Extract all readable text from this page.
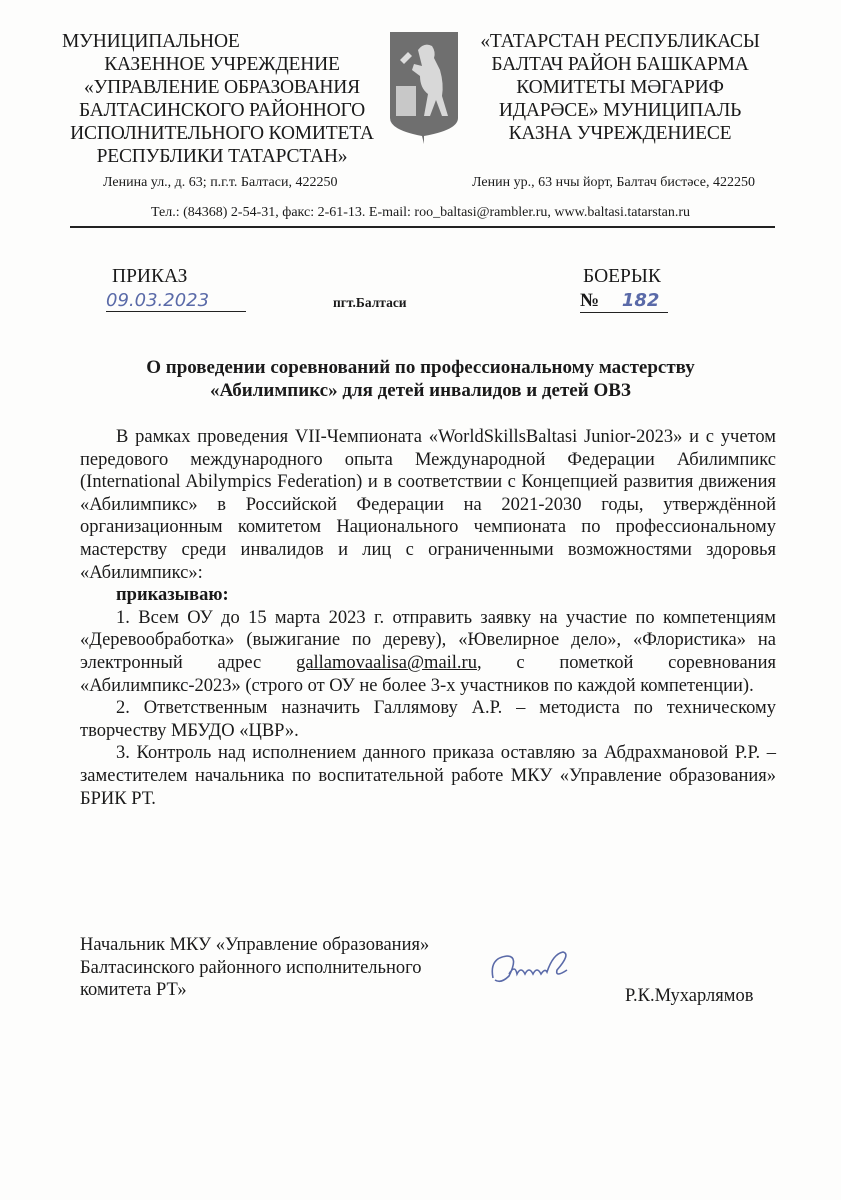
МУНИЦИПАЛЬНОЕ
КАЗЕННОЕ УЧРЕЖДЕНИЕ
«УПРАВЛЕНИЕ ОБРАЗОВАНИЯ
БАЛТАСИНСКОГО РАЙОННОГО
ИСПОЛНИТЕЛЬНОГО КОМИТЕТА
РЕСПУБЛИКИ ТАТАРСТАН»
«ТАТАРСТАН РЕСПУБЛИКАСЫ
БАЛТАЧ РАЙОН БАШКАРМА
КОМИТЕТЫ МӘГАРИФ
ИДАРӘСЕ» МУНИЦИПАЛЬ
КАЗНА УЧРЕЖДЕНИЕСЕ
Ленина ул., д. 63; п.г.т. Балтаси, 422250	Ленин ур., 63 нчы йорт, Балтач бистәсе, 422250
Тел.: (84368) 2-54-31, факс: 2-61-13. E-mail: roo_baltasi@rambler.ru, www.baltasi.tatarstan.ru
ПРИКАЗ
09.03.2023	пгт.Балтаси
БОЕРЫК
№ 182
О проведении соревнований по профессиональному мастерству
«Абилимпикс» для детей инвалидов и детей ОВЗ

В рамках проведения VII-Чемпионата «WorldSkillsBaltasi Junior-2023» и с учетом передового международного опыта Международной Федерации Абилимпикс (International Abilympics Federation) и в соответствии с Концепцией развития движения «Абилимпикс» в Российской Федерации на 2021-2030 годы, утверждённой организационным комитетом Национального чемпионата по профессиональному мастерству среди инвалидов и лиц с ограниченными возможностями здоровья «Абилимпикс»:

приказываю:

1. Всем ОУ до 15 марта 2023 г. отправить заявку на участие по компетенциям «Деревообработка» (выжигание по дереву), «Ювелирное дело», «Флористика» на электронный адрес gallamovaalisa@mail.ru, с пометкой соревнования «Абилимпикс-2023» (строго от ОУ не более 3-х участников по каждой компетенции).

2. Ответственным назначить Галлямову А.Р. – методиста по техническому творчеству МБУДО «ЦВР».

3. Контроль над исполнением данного приказа оставляю за Абдрахмановой Р.Р. – заместителем начальника по воспитательной работе МКУ «Управление образования» БРИК РТ.

Начальник МКУ «Управление образования»
Балтасинского районного исполнительного
комитета РТ»	Р.К.Мухарлямов
